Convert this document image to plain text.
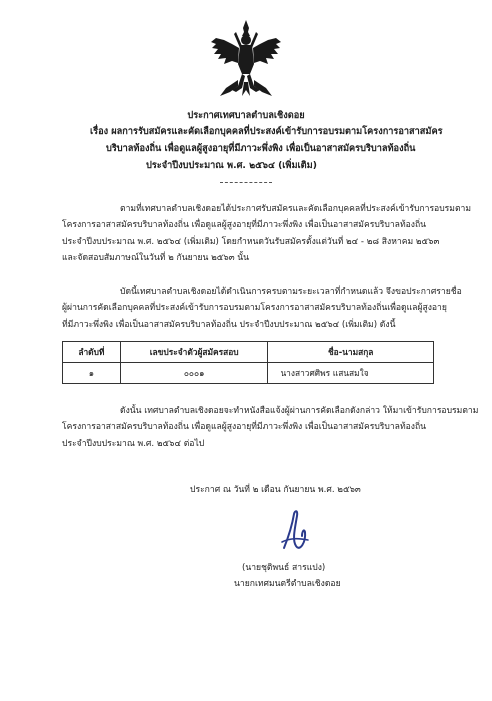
ประกาศเทศบาลตำบลเชิงดอย
เรื่อง ผลการรับสมัครและคัดเลือกบุคคลที่ประสงค์เข้ารับการอบรมตามโครงการอาสาสมัคร
บริบาลท้องถิ่น เพื่อดูแลผู้สูงอายุที่มีภาวะพึ่งพิง เพื่อเป็นอาสาสมัครบริบาลท้องถิ่น
ประจำปีงบประมาณ พ.ศ. ๒๕๖๔ (เพิ่มเติม)
ตามที่เทศบาลตำบลเชิงดอยได้ประกาศรับสมัครและคัดเลือกบุคคลที่ประสงค์เข้ารับการอบรมตาม
โครงการอาสาสมัครบริบาลท้องถิ่น เพื่อดูแลผู้สูงอายุที่มีภาวะพึ่งพิง เพื่อเป็นอาสาสมัครบริบาลท้องถิ่น
ประจำปีงบประมาณ พ.ศ. ๒๕๖๔ (เพิ่มเติม) โดยกำหนดวันรับสมัครตั้งแต่วันที่ ๒๔ - ๒๘ สิงหาคม ๒๕๖๓
และจัดสอบสัมภาษณ์ในวันที่ ๒ กันยายน ๒๕๖๓ นั้น
บัดนี้เทศบาลตำบลเชิงดอยได้ดำเนินการครบตามระยะเวลาที่กำหนดแล้ว จึงขอประกาศรายชื่อ
ผู้ผ่านการคัดเลือกบุคคลที่ประสงค์เข้ารับการอบรมตามโครงการอาสาสมัครบริบาลท้องถิ่นเพื่อดูแลผู้สูงอายุ
ที่มีภาวะพึ่งพิง เพื่อเป็นอาสาสมัครบริบาลท้องถิ่น ประจำปีงบประมาณ ๒๕๖๔ (เพิ่มเติม) ดังนี้
ลำดับที่	เลขประจำตัวผู้สมัครสอบ	ชื่อ-นามสกุล
๑	๐๐๐๑	นางสาวศศิพร แสนสมใจ
ดังนั้น เทศบาลตำบลเชิงดอยจะทำหนังสือแจ้งผู้ผ่านการคัดเลือกดังกล่าว ให้มาเข้ารับการอบรมตาม
โครงการอาสาสมัครบริบาลท้องถิ่น เพื่อดูแลผู้สูงอายุที่มีภาวะพึ่งพิง เพื่อเป็นอาสาสมัครบริบาลท้องถิ่น
ประจำปีงบประมาณ พ.ศ. ๒๕๖๔ ต่อไป
ประกาศ ณ วันที่ ๒ เดือน กันยายน พ.ศ. ๒๕๖๓
(นายชุติพนธ์ สารแปง)
นายกเทศมนตรีตำบลเชิงดอย
